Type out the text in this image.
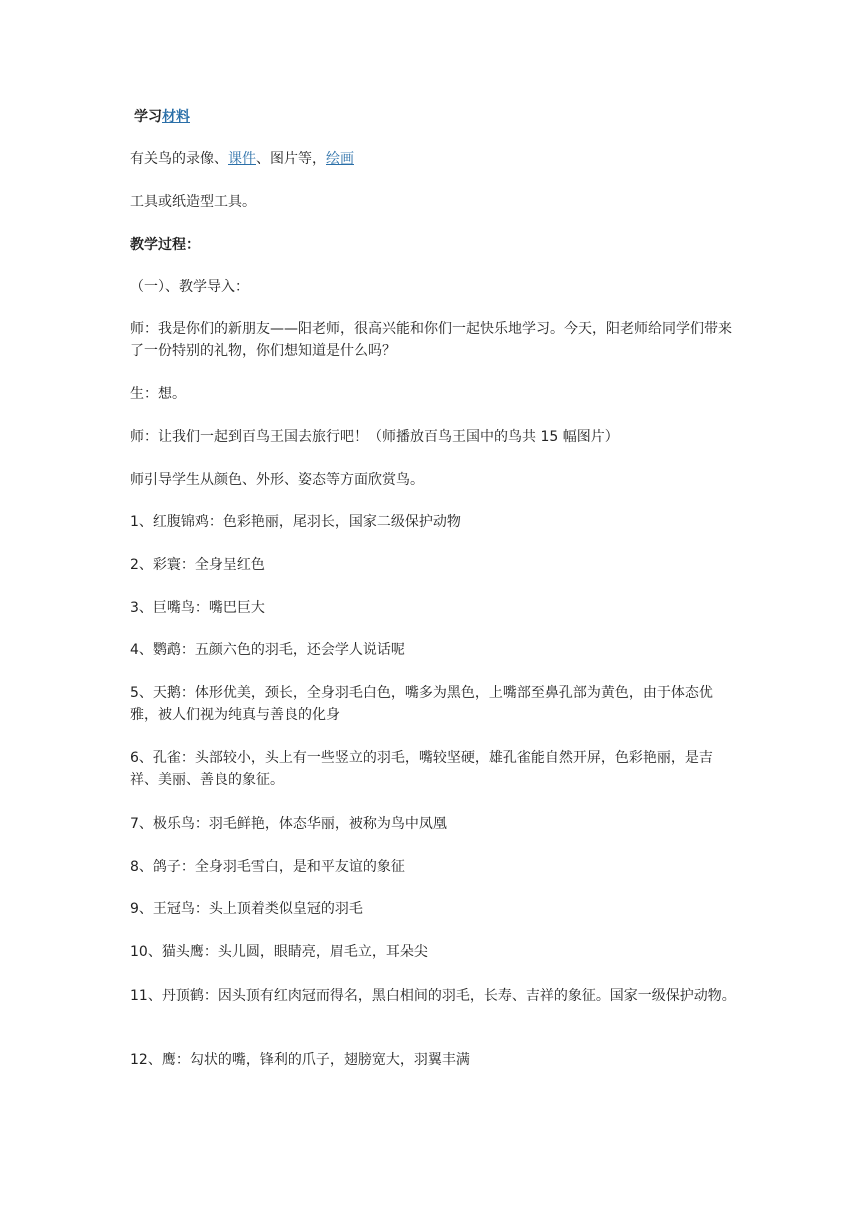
学习材料
有关鸟的录像、课件、图片等，绘画
工具或纸造型工具。
教学过程：
（一）、教学导入：
师：我是你们的新朋友——阳老师，很高兴能和你们一起快乐地学习。今天，阳老师给同学们带来了一份特别的礼物，你们想知道是什么吗？
生：想。
师：让我们一起到百鸟王国去旅行吧！（师播放百鸟王国中的鸟共 15 幅图片）
师引导学生从颜色、外形、姿态等方面欣赏鸟。
1、红腹锦鸡：色彩艳丽，尾羽长，国家二级保护动物
2、彩寰：全身呈红色
3、巨嘴鸟：嘴巴巨大
4、鹦鹉：五颜六色的羽毛，还会学人说话呢
5、天鹅：体形优美，颈长，全身羽毛白色，嘴多为黑色，上嘴部至鼻孔部为黄色，由于体态优雅，被人们视为纯真与善良的化身
6、孔雀：头部较小，头上有一些竖立的羽毛，嘴较坚硬，雄孔雀能自然开屏，色彩艳丽，是吉祥、美丽、善良的象征。
7、极乐鸟：羽毛鲜艳，体态华丽，被称为鸟中凤凰
8、鸽子：全身羽毛雪白，是和平友谊的象征
9、王冠鸟：头上顶着类似皇冠的羽毛
10、猫头鹰：头儿圆，眼睛亮，眉毛立，耳朵尖
11、丹顶鹤：因头顶有红肉冠而得名，黑白相间的羽毛，长寿、吉祥的象征。国家一级保护动物。
12、鹰：勾状的嘴，锋利的爪子，翅膀宽大，羽翼丰满
